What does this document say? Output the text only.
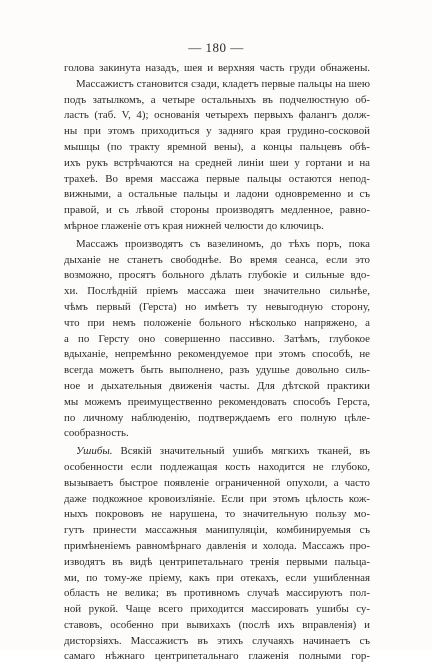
— 180 —
голова закинута назадъ, шея и верхняя часть груди обнажены.
Массажистъ становится сзади, кладетъ первые пальцы на шею
подъ затылкомъ, а четыре остальныхъ въ подчелюстную об-
ласть (таб. V, 4); основанія четырехъ первыхъ фалангъ долж-
ны при этомъ приходиться у задняго края грудино-сосковой
мышцы (по тракту яремной вены), а концы пальцевъ обѣ-
ихъ рукъ встрѣчаются на средней линіи шеи у гортани и на
трахеѣ. Во время массажа первые пальцы остаются непод-
вижными, а остальные пальцы и ладони одновременно и съ
правой, и съ лѣвой стороны производятъ медленное, равно-
мѣрное глаженіе отъ края нижней челюсти до ключицъ.
Массажъ производятъ съ вазелиномъ, до тѣхъ поръ, пока
дыханіе не станетъ свободнѣе. Во время сеанса, если это
возможно, просятъ больного дѣлать глубокіе и сильные вдо-
хи. Послѣдній пріемъ массажа шеи значительно сильнѣе,
чѣмъ первый (Герста) но имѣетъ ту невыгодную сторону,
что при немъ положеніе больного нѣсколько напряжено, а
а по Герсту оно совершенно пассивно. Затѣмъ, глубокое
вдыханіе, непремѣнно рекомендуемое при этомъ способѣ, не
всегда можетъ быть выполнено, разъ удушье довольно силь-
ное и дыхательныя движенія часты. Для дѣтской практики
мы можемъ преимущественно рекомендовать способъ Герста,
по личному наблюденію, подтверждаемъ его полную цѣле-
сообразность.
Ушибы. Всякій значительный ушибъ мягкихъ тканей, въ
особенности если подлежащая кость находится не глубоко,
вызываетъ быстрое появленіе ограниченной опухоли, а часто
даже подкожное кровоизліяніе. Если при этомъ цѣлость кож-
ныхъ покрововъ не нарушена, то значительную пользу мо-
гутъ принести массажныя манипуляціи, комбинируемыя съ
примѣненіемъ равномѣрнаго давленія и холода. Массажъ про-
изводятъ въ видѣ центрипетальнаго тренія первыми пальца-
ми, по тому-же пріему, какъ при отекахъ, если ушибленная
область не велика; въ противномъ случаѣ массируютъ пол-
ной рукой. Чаще всего приходится массировать ушибы су-
ставовъ, особенно при вывихахъ (послѣ ихъ вправленія) и
дисторзіяхъ. Массажистъ въ этихъ случаяхъ начинаетъ съ
самаго нѣжнаго центрипетальнаго глаженія полными гор-
